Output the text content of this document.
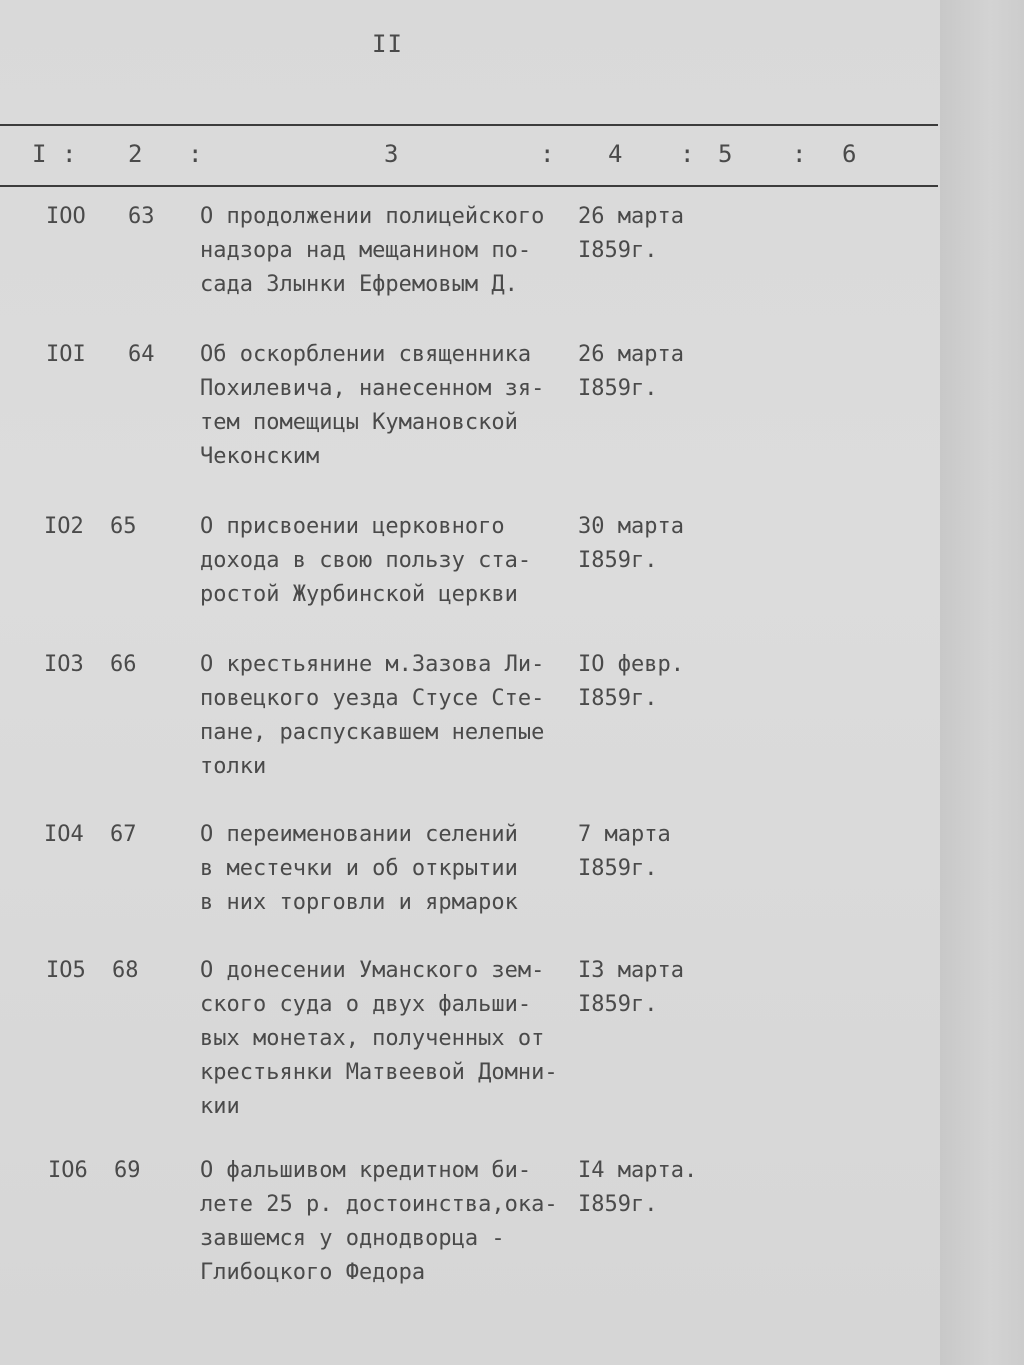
II
I : 2 :	3	: 4 : 5 : 6
IOO 63 О продолжении полицейского
надзора над мещанином по-
сада Злынки Ефремовым Д.
26 марта
I859г.
IOI 64 Об оскорблении священника
Похилевича, нанесенном зя-
тем помещицы Кумановской
Чеконским
26 марта
I859г.
IO2 65	О присвоении церковного
дохода в свою пользу ста-
ростой Журбинской церкви
30 марта
I859г.
IO3 66	О крестьянине м.Зазова Ли-
повецкого уезда Стусе Сте-
пане, распускавшем нелепые
толки
IO февр.
I859г.
IO4 67	О переименовании селений
в местечки и об открытии
в них торговли и ярмарок
7 марта
I859г.
IO5 68	О донесении Уманского зем-
ского суда о двух фальши-
вых монетах, полученных от
крестьянки Матвеевой Домни-
кии
I3 марта
I859г.
IO6 69	О фальшивом кредитном би-
лете 25 р. достоинства,ока-
завшемся у однодворца -
Глибоцкого Федора
I4 марта.
I859г.
